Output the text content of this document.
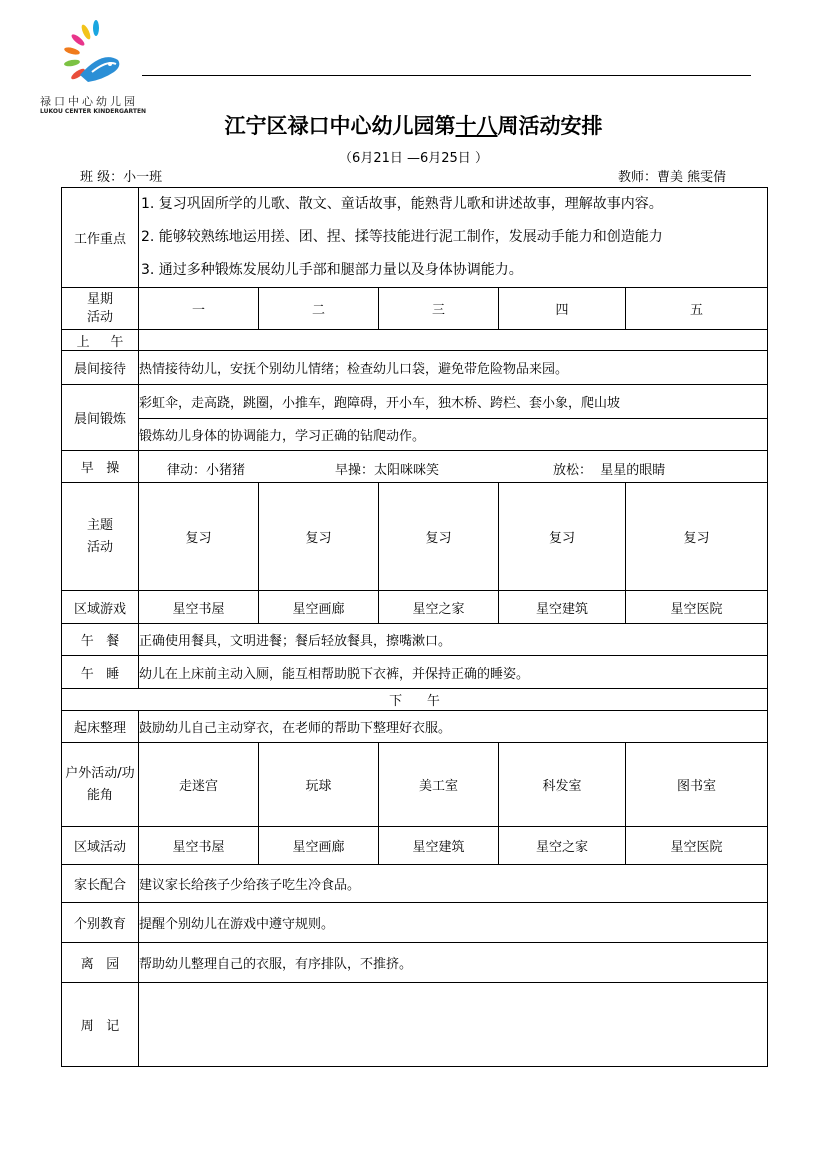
禄口中心幼儿园
LUKOU CENTER KINDERGARTEN
江宁区禄口中心幼儿园第十八周活动安排
（6月21日 —6月25日 ）
班 级：小一班	教师：曹美 熊雯倩
工作重点	1. 复习巩固所学的儿歌、散文、童话故事，能熟背儿歌和讲述故事，理解故事内容。
2. 能够较熟练地运用搓、团、捏、揉等技能进行泥工制作，发展动手能力和创造能力
3. 通过多种锻炼发展幼儿手部和腿部力量以及身体协调能力。				

星期
活动	一	二	三	四	五
上     午					
晨间接待	热情接待幼儿，安抚个别幼儿情绪；检查幼儿口袋，避免带危险物品来园。				
晨间锻炼	彩虹伞，走高跷，跳圈，小推车，跑障碍，开小车，独木桥、跨栏、套小象，爬山坡				
	锻炼幼儿身体的协调能力，学习正确的钻爬动作。				
早   操	律动：小猪猪 早操：太阳咪咪笑 放松：  星星的眼睛				

主题
活动	复习	复习	复习	复习	复习
区域游戏	星空书屋	星空画廊	星空之家	星空建筑	星空医院
午   餐	正确使用餐具，文明进餐；餐后轻放餐具，擦嘴漱口。				
午   睡	幼儿在上床前主动入厕，能互相帮助脱下衣裤，并保持正确的睡姿。				
下      午					
起床整理	鼓励幼儿自己主动穿衣，在老师的帮助下整理好衣服。				
户外活动/功能角	走迷宫	玩球	美工室	科发室	图书室
区域活动	星空书屋	星空画廊	星空建筑	星空之家	星空医院
家长配合	建议家长给孩子少给孩子吃生冷食品。				
个别教育	提醒个别幼儿在游戏中遵守规则。				
离   园	帮助幼儿整理自己的衣服，有序排队，不推挤。				
周   记					
